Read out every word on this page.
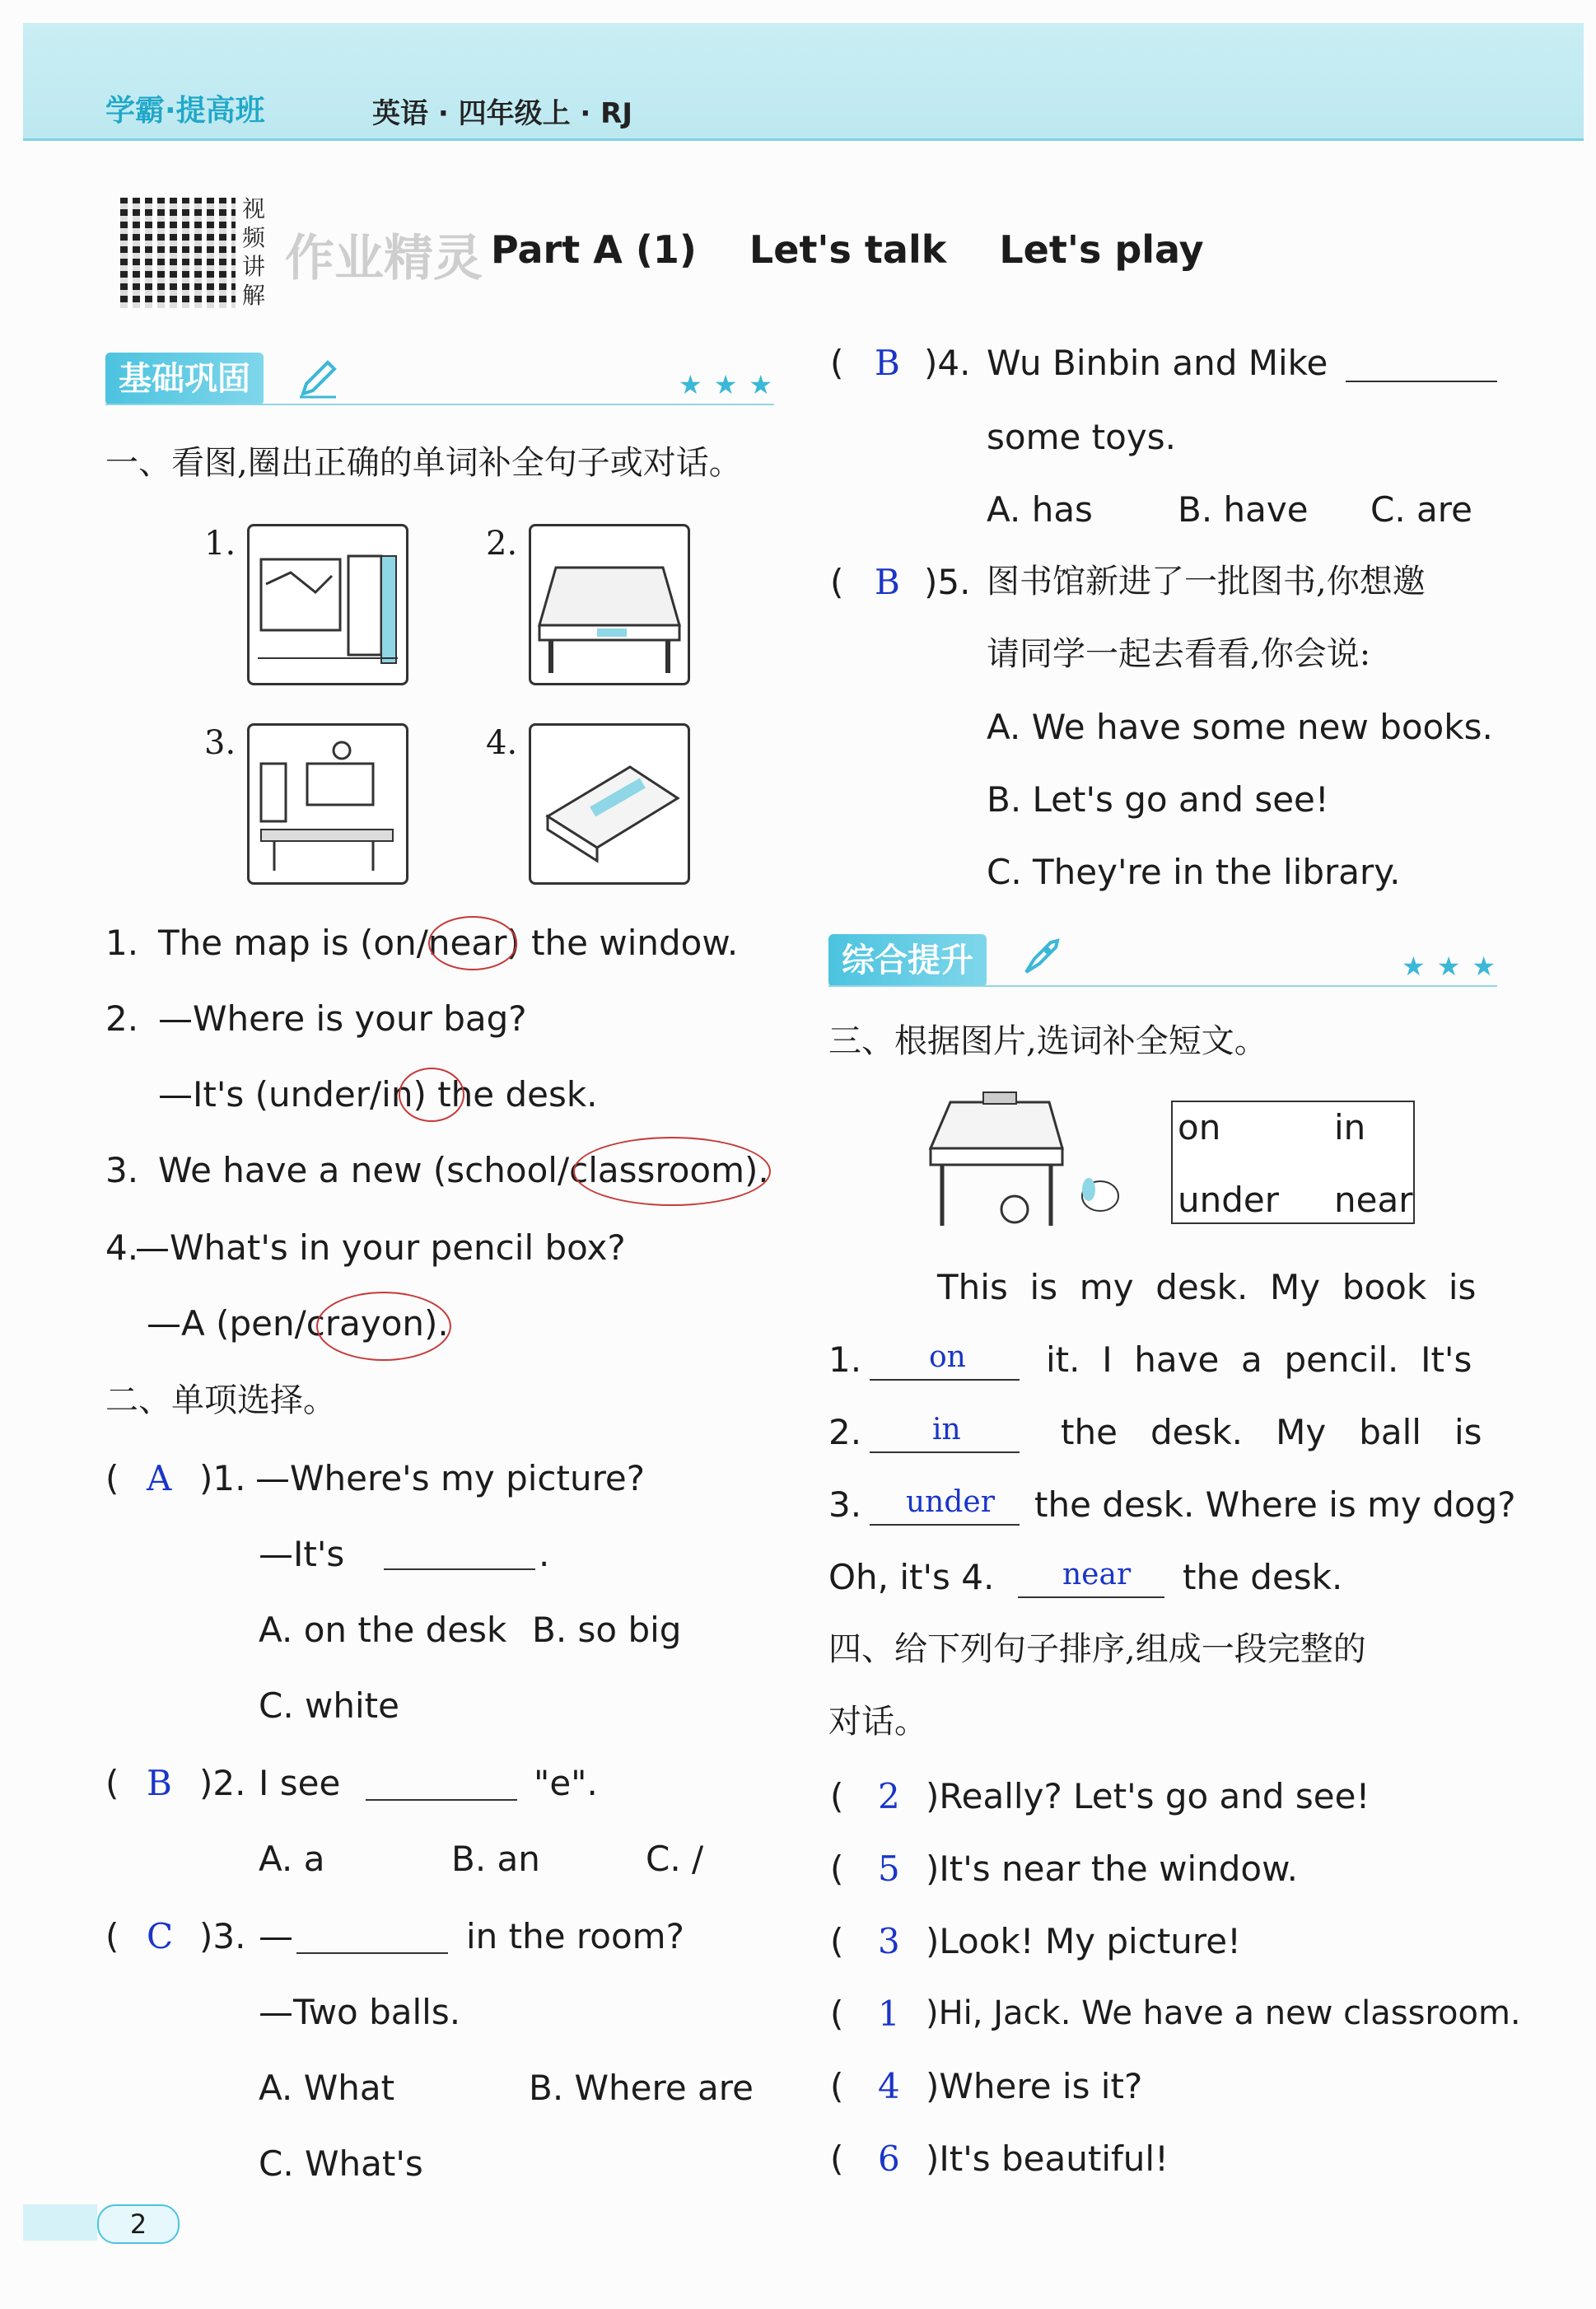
学霸·提高班	英语 · 四年级上 · RJ
视频讲解
作业精灵 Part A (1)    Let's talk    Let's play
基础巩固	★★★
一、看图,圈出正确的单词补全句子或对话。
1.	2.
3.	4.
1. The map is (on/near) the window.
2. —Where is your bag?
—It's (under/in) the desk.
3. We have a new (school/classroom).
4.
—What's in your pencil box?
—A (pen/crayon).
二、单项选择。
( A )1. —Where's my picture?
—It's	.
A. on the desk B. so big
C. white
( B )2. I see	"e".
A. a	B. an	C. /
( C )3. —	in the room?
—Two balls.
A. What	B. Where are
C. What's
( B )4. Wu Binbin and Mike
some toys.
A. has B. have C. are
( B )5. 图书馆新进了一批图书,你想邀
请同学一起去看看,你会说:
A. We have some new books.
B. Let's go and see!
C. They're in the library.
综合提升	★★★
三、根据图片,选词补全短文。
on	in
under near
This  is  my  desk.  My  book  is
1. on it.  I  have  a  pencil.  It's
2. in	the   desk.   My   ball   is
3. under the desk. Where is my dog?
Oh, it's 4. near the desk.
四、给下列句子排序,组成一段完整的
对话。
( 2 )Really? Let's go and see!
( 5 )It's near the window.
( 3 )Look! My picture!
( 1 )Hi, Jack. We have a new classroom.
( 4 )Where is it?
( 6 )It's beautiful!
2
